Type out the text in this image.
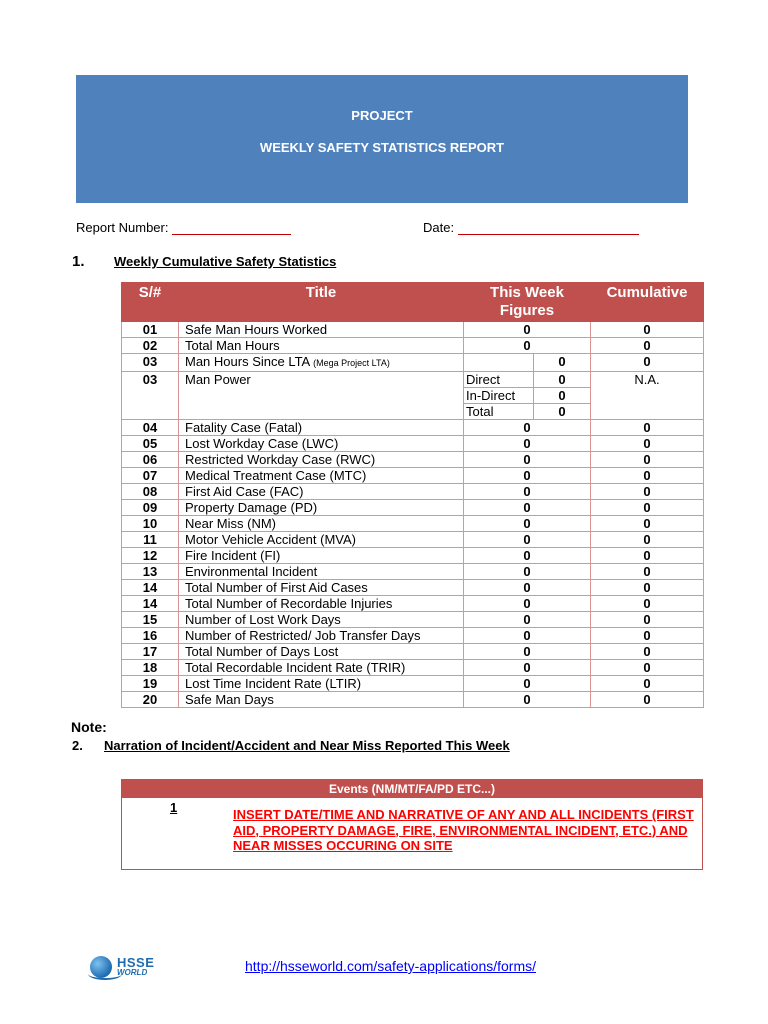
PROJECT
WEEKLY SAFETY STATISTICS REPORT
Report Number:	Date:
1. Weekly Cumulative Safety Statistics
S/#	Title	This Week Figures		Cumulative
01	Safe Man Hours Worked	0		0
02	Total Man Hours	0		0
03	Man Hours Since LTA (Mega Project LTA)		0	0
03	Man Power	Direct	0	N.A.
		In-Direct	0	
		Total	0	
04	Fatality Case (Fatal)	0		0
05	Lost Workday Case (LWC)	0		0
06	Restricted Workday Case (RWC)	0		0
07	Medical Treatment Case (MTC)	0		0
08	First Aid Case (FAC)	0		0
09	Property Damage (PD)	0		0
10	Near Miss (NM)	0		0
11	Motor Vehicle Accident (MVA)	0		0
12	Fire Incident (FI)	0		0
13	Environmental Incident	0		0
14	Total Number of First Aid Cases	0		0
14	Total Number of Recordable Injuries	0		0
15	Number of Lost Work Days	0		0
16	Number of Restricted/ Job Transfer Days	0		0
17	Total Number of Days Lost	0		0
18	Total Recordable Incident Rate (TRIR)	0		0
19	Lost Time Incident Rate (LTIR)	0		0
20	Safe Man Days	0		0
Note:
2. Narration of Incident/Accident and Near Miss Reported This Week
Events (NM/MT/FA/PD ETC...)
1	INSERT DATE/TIME AND NARRATIVE OF ANY AND ALL INCIDENTS (FIRST AID, PROPERTY DAMAGE, FIRE, ENVIRONMENTAL INCIDENT, ETC.) AND NEAR MISSES OCCURING ON SITE
HSSE
WORLD	http://hsseworld.com/safety-applications/forms/
